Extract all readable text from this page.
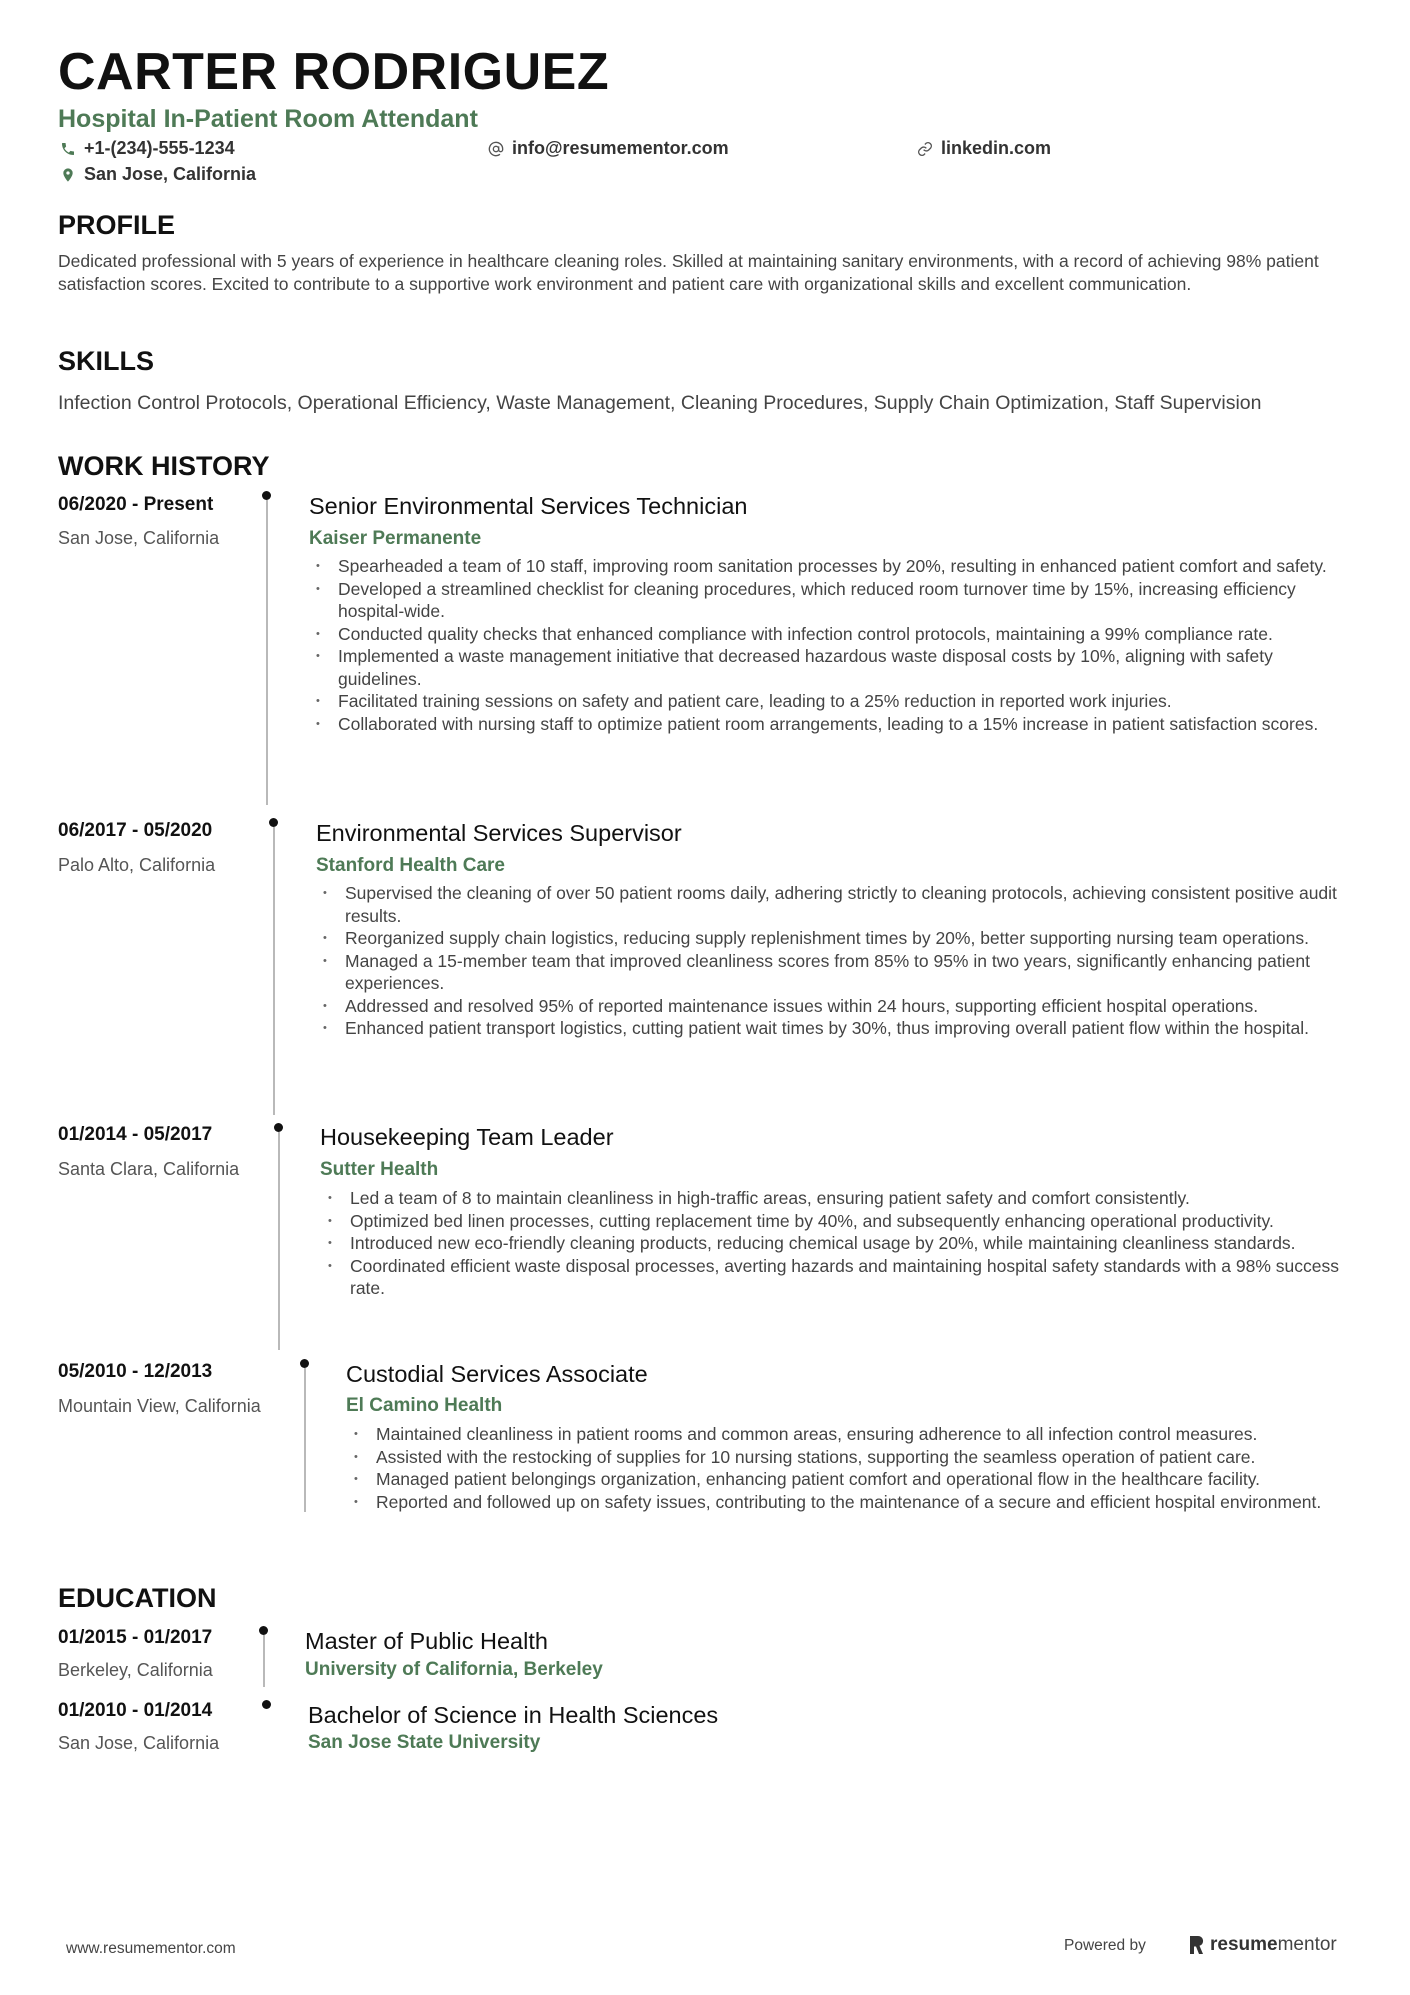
CARTER RODRIGUEZ
Hospital In-Patient Room Attendant
+1-(234)-555-1234	info@resumementor.com	linkedin.com
San Jose, California
PROFILE
Dedicated professional with 5 years of experience in healthcare cleaning roles. Skilled at maintaining sanitary environments, with a record of achieving 98% patient satisfaction scores. Excited to contribute to a supportive work environment and patient care with organizational skills and excellent communication.
SKILLS
Infection Control Protocols, Operational Efficiency, Waste Management, Cleaning Procedures, Supply Chain Optimization, Staff Supervision
WORK HISTORY
06/2020 - Present
San Jose, California
Senior Environmental Services Technician
Kaiser Permanente
• Spearheaded a team of 10 staff, improving room sanitation processes by 20%, resulting in enhanced patient comfort and safety.
• Developed a streamlined checklist for cleaning procedures, which reduced room turnover time by 15%, increasing efficiency hospital-wide.
• Conducted quality checks that enhanced compliance with infection control protocols, maintaining a 99% compliance rate.
• Implemented a waste management initiative that decreased hazardous waste disposal costs by 10%, aligning with safety guidelines.
• Facilitated training sessions on safety and patient care, leading to a 25% reduction in reported work injuries.
• Collaborated with nursing staff to optimize patient room arrangements, leading to a 15% increase in patient satisfaction scores.
06/2017 - 05/2020
Palo Alto, California
Environmental Services Supervisor
Stanford Health Care
• Supervised the cleaning of over 50 patient rooms daily, adhering strictly to cleaning protocols, achieving consistent positive audit results.
• Reorganized supply chain logistics, reducing supply replenishment times by 20%, better supporting nursing team operations.
• Managed a 15-member team that improved cleanliness scores from 85% to 95% in two years, significantly enhancing patient experiences.
• Addressed and resolved 95% of reported maintenance issues within 24 hours, supporting efficient hospital operations.
• Enhanced patient transport logistics, cutting patient wait times by 30%, thus improving overall patient flow within the hospital.
01/2014 - 05/2017
Santa Clara, California
Housekeeping Team Leader
Sutter Health
• Led a team of 8 to maintain cleanliness in high-traffic areas, ensuring patient safety and comfort consistently.
• Optimized bed linen processes, cutting replacement time by 40%, and subsequently enhancing operational productivity.
• Introduced new eco-friendly cleaning products, reducing chemical usage by 20%, while maintaining cleanliness standards.
• Coordinated efficient waste disposal processes, averting hazards and maintaining hospital safety standards with a 98% success rate.
05/2010 - 12/2013
Mountain View, California
Custodial Services Associate
El Camino Health
• Maintained cleanliness in patient rooms and common areas, ensuring adherence to all infection control measures.
• Assisted with the restocking of supplies for 10 nursing stations, supporting the seamless operation of patient care.
• Managed patient belongings organization, enhancing patient comfort and operational flow in the healthcare facility.
• Reported and followed up on safety issues, contributing to the maintenance of a secure and efficient hospital environment.
EDUCATION
01/2015 - 01/2017
Berkeley, California
Master of Public Health
University of California, Berkeley
01/2010 - 01/2014
San Jose, California
Bachelor of Science in Health Sciences
San Jose State University
www.resumementor.com	Powered by	resume mentor
